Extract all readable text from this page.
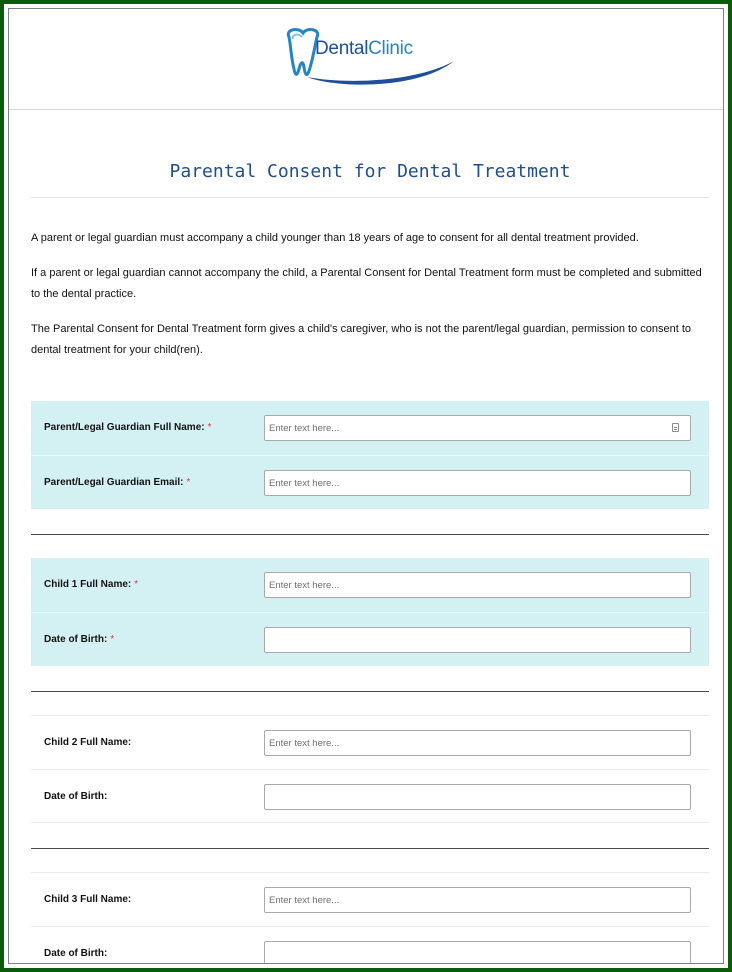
DentalClinic
Parental Consent for Dental Treatment

A parent or legal guardian must accompany a child younger than 18 years of age to consent for all dental treatment provided.

If a parent or legal guardian cannot accompany the child, a Parental Consent for Dental Treatment form must be completed and submitted to the dental practice.

The Parental Consent for Dental Treatment form gives a child's caregiver, who is not the parent/legal guardian, permission to consent to dental treatment for your child(ren).

Parent/Legal Guardian Full Name: *
Enter text here...
Parent/Legal Guardian Email: *
Enter text here...
Child 1 Full Name: *
Enter text here...
Date of Birth: *
Child 2 Full Name:
Enter text here...
Date of Birth:
Child 3 Full Name:
Enter text here...
Date of Birth:
